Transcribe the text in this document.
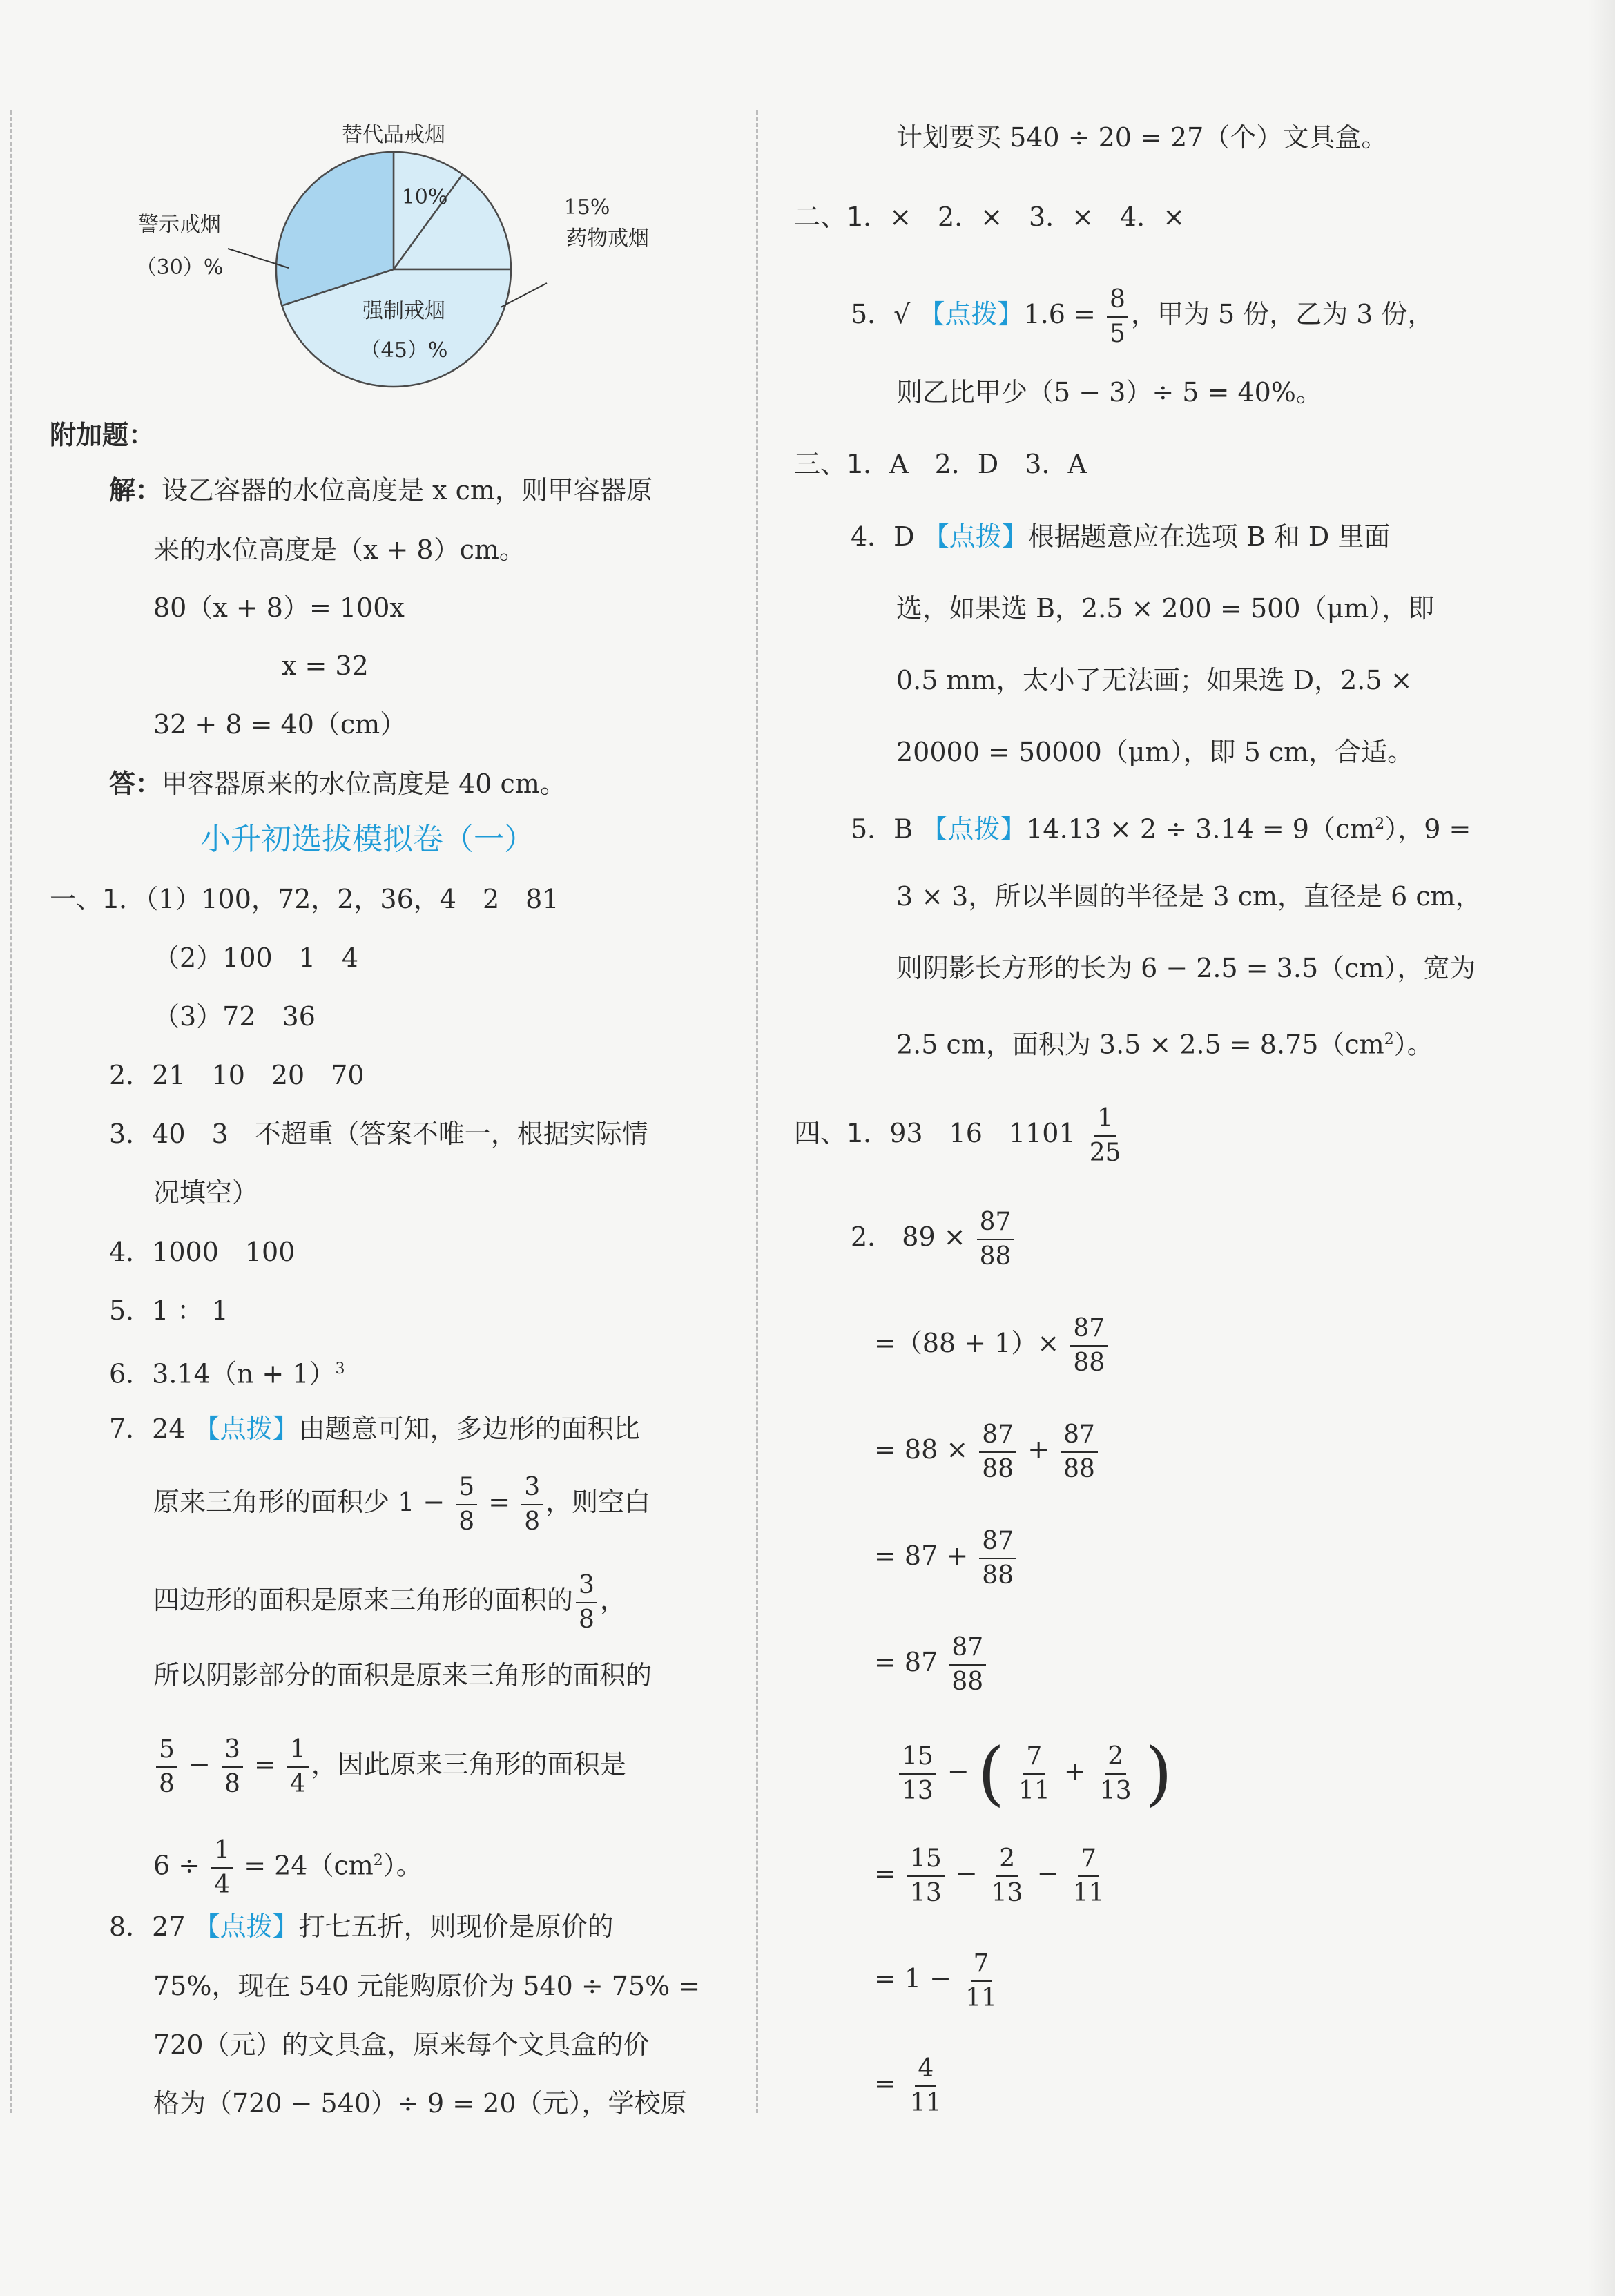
替代品戒烟
10%	15%
药物戒烟
警示戒烟
（30）%
强制戒烟
（45）%
附加题：
解：设乙容器的水位高度是 x cm，则甲容器原
来的水位高度是（x + 8）cm。
80（x + 8）= 100x
x = 32
32 + 8 = 40（cm）
答：甲容器原来的水位高度是 40 cm。
小升初选拔模拟卷（一）
一、1．（1）100，72，2，36，4　2　81
（2）100　1　4
（3）72　36
2．21　10　20　70
3．40　3　不超重（答案不唯一，根据实际情
况填空）
4．1000　100
5．1 ： 1
6．$3.14(n + 1)^3$
7．24 【点拨】由题意可知，多边形的面积比
原来三角形的面积少 $1 - \frac{5}{8} = \frac{3}{8}$ ，则空白
四边形的面积是原来三角形的面积的 $\frac{3}{8}$ ，
所以阴影部分的面积是原来三角形的面积的
$\frac{5}{8} - \frac{3}{8} = \frac{1}{4}$ ，因此原来三角形的面积是
$6 \div \frac{1}{4} = 24(cm^2)$。
8．27 【点拨】打七五折，则现价是原价的
75%，现在 540 元能购原价为 540 ÷ 75% =
720（元）的文具盒，原来每个文具盒的价
格为（720 − 540）÷ 9 = 20（元），学校原
计划要买 540 ÷ 20 = 27（个）文具盒。
二、1．×　2．×　3．×　4．×
5．√ 【点拨】$1.6 = \frac{8}{5}$ ，甲为 5 份，乙为 3 份，
则乙比甲少（5 − 3）÷ 5 = 40%。
三、1．A　2．D　3．A
4．D 【点拨】根据题意应在选项 B 和 D 里面
选，如果选 B，2.5 × 200 = 500（μm），即
0.5 mm，太小了无法画；如果选 D，2.5 ×
20000 = 50000（μm），即 5 cm，合适。
5．B 【点拨】$14.13 \times 2 \div 3.14 = 9(cm^2)$，9 =
3 × 3，所以半圆的半径是 3 cm，直径是 6 cm，
则阴影长方形的长为 6 − 2.5 = 3.5（cm），宽为
2.5 cm，面积为 $3.5 \times 2.5 = 8.75(cm^2)$。
四、1．93　16　$1101 \frac{1}{25}$
2． $89 \times \frac{87}{88}$
$=(88 + 1)\times \frac{87}{88}$
= $88 \times \frac{87}{88} + \frac{87}{88}$
= $87 + \frac{87}{88}$
= $87 \frac{87}{88}$
$\frac{15}{13}$ − ( $\frac{7}{11} + \frac{2}{13}$ )
= $\frac{15}{13} - \frac{2}{13} - \frac{7}{11}$
= $1 - \frac{7}{11}$
= $\frac{4}{11}$
